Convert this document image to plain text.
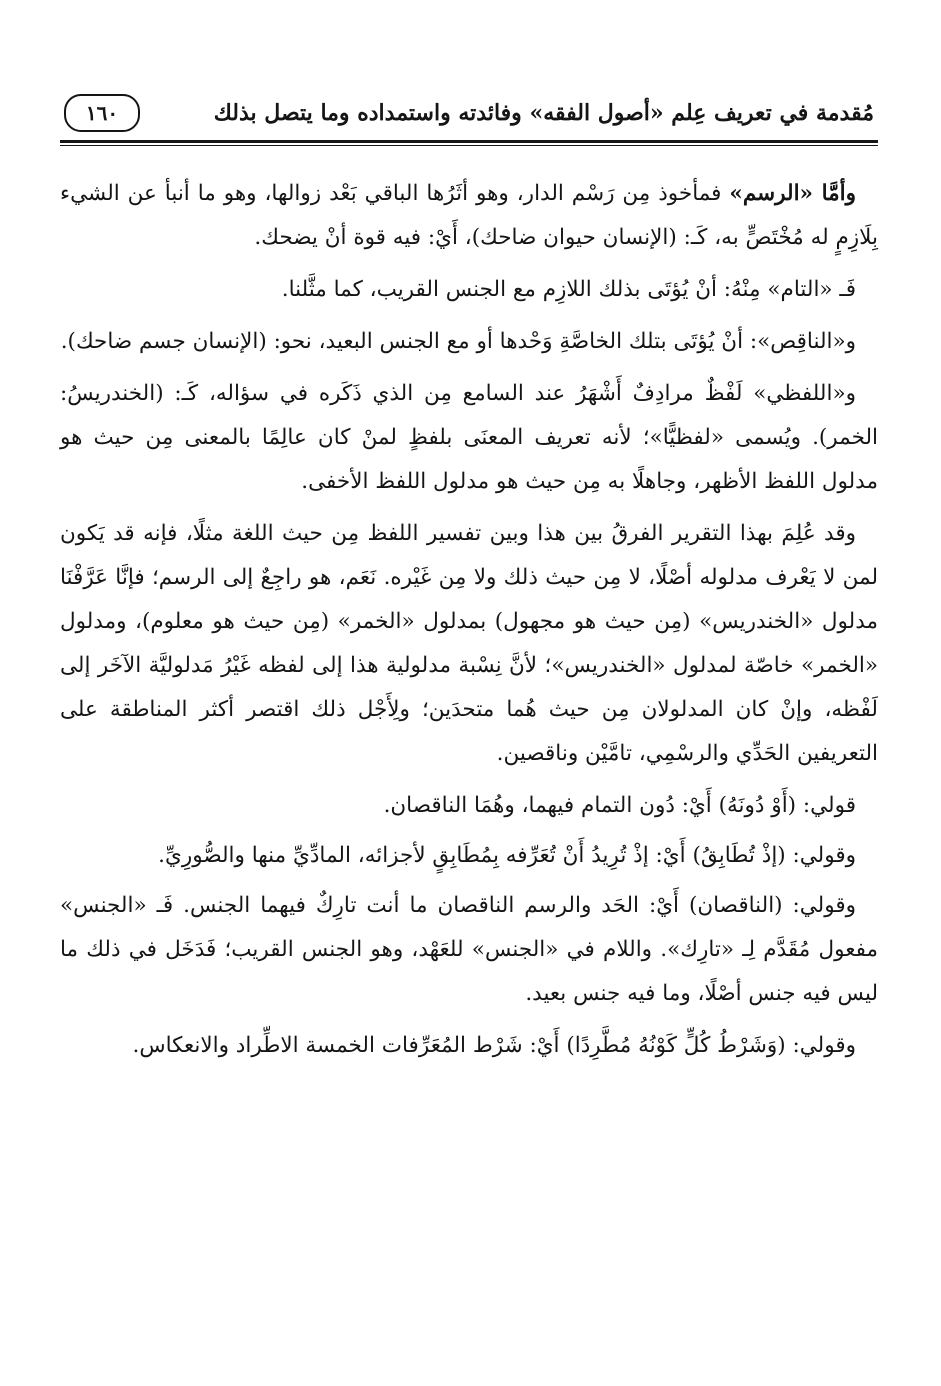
مُقدمة في تعريف عِلم «أصول الفقه» وفائدته واستمداده وما يتصل بذلك
١٦٠

وأمَّا «الرسم» فمأخوذ مِن رَسْم الدار، وهو أثَرُها الباقي بَعْد زوالها، وهو ما أنبأ عن الشيء بِلَازِمٍ له مُخْتَصٍّ به، كَـ: (الإنسان حيوان ضاحك)، أَيْ: فيه قوة أنْ يضحك.

فَـ «التام» مِنْهُ: أنْ يُؤتَى بذلك اللازِم مع الجنس القريب، كما مثَّلنا.

و«الناقِص»: أنْ يُؤتَى بتلك الخاصَّةِ وَحْدها أو مع الجنس البعيد، نحو: (الإنسان جسم ضاحك).

و«اللفظي» لَفْظٌ مرادِفٌ أَشْهَرُ عند السامع مِن الذي ذَكَره في سؤاله، كَـ: (الخندريسُ: الخمر). ويُسمى «لفظيًّا»؛ لأنه تعريف المعنَى بلفظٍ لمنْ كان عالِمًا بالمعنى مِن حيث هو مدلول اللفظ الأظهر، وجاهلًا به مِن حيث هو مدلول اللفظ الأخفى.

وقد عُلِمَ بهذا التقرير الفرقُ بين هذا وبين تفسير اللفظ مِن حيث اللغة مثلًا، فإنه قد يَكون لمن لا يَعْرف مدلوله أصْلًا، لا مِن حيث ذلك ولا مِن غَيْره. نَعَم، هو راجِعٌ إلى الرسم؛ فإنَّا عَرَّفْنَا مدلول «الخندريس» (مِن حيث هو مجهول) بمدلول «الخمر» (مِن حيث هو معلوم)، ومدلول «الخمر» خاصّة لمدلول «الخندريس»؛ لأنَّ نِسْبة مدلولية هذا إلى لفظه غَيْرُ مَدلوليَّة الآخَر إلى لَفْظه، وإنْ كان المدلولان مِن حيث هُما متحدَين؛ ولِأَجْل ذلك اقتصر أكثر المناطقة على التعريفين الحَدِّي والرسْمِي، تامَّيْن وناقصين.

قولي: (أَوْ دُونَهُ) أَيْ: دُون التمام فيهما، وهُمَا الناقصان.

وقولي: (إذْ تُطَابِقُ) أَيْ: إذْ تُرِيدُ أَنْ تُعَرِّفه بِمُطَابِقٍ لأجزائه، المادِّيِّ منها والصُّورِيِّ.

وقولي: (الناقصان) أَيْ: الحَد والرسم الناقصان ما أنت تارِكٌ فيهما الجنس. فَـ «الجنس» مفعول مُقَدَّم لِـ «تارِك». واللام في «الجنس» للعَهْد، وهو الجنس القريب؛ فَدَخَل في ذلك ما ليس فيه جنس أصْلًا، وما فيه جنس بعيد.

وقولي: (وَشَرْطُ كُلٍّ كَوْنُهُ مُطَّرِدًا) أَيْ: شَرْط المُعَرِّفات الخمسة الاطِّراد والانعكاس.
